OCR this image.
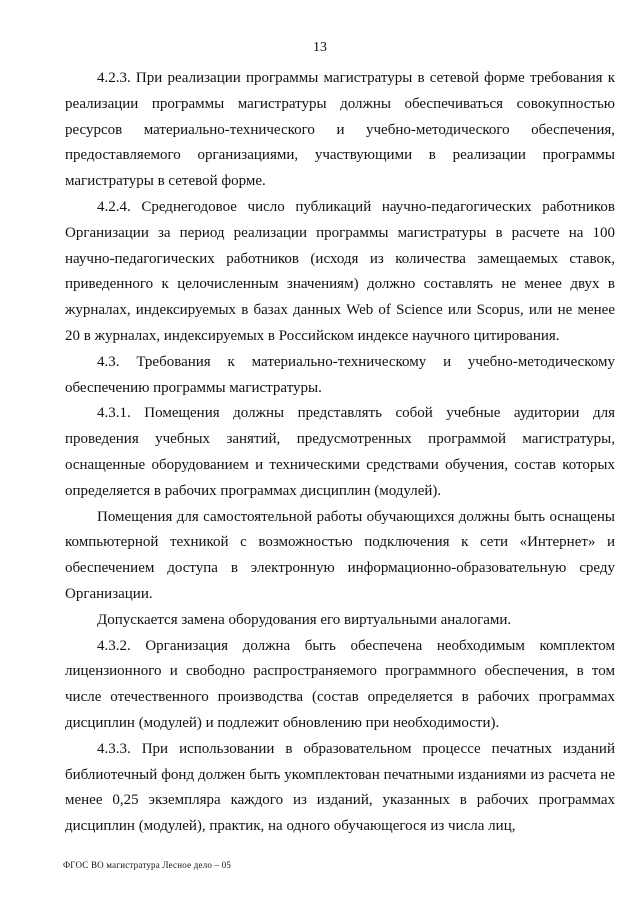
13

4.2.3. При реализации программы магистратуры в сетевой форме требования к реализации программы магистратуры должны обеспечиваться совокупностью ресурсов материально-технического и учебно-методического обеспечения, предоставляемого организациями, участвующими в реализации программы магистратуры в сетевой форме.

4.2.4. Среднегодовое число публикаций научно-педагогических работников Организации за период реализации программы магистратуры в расчете на 100 научно-педагогических работников (исходя из количества замещаемых ставок, приведенного к целочисленным значениям) должно составлять не менее двух в журналах, индексируемых в базах данных Web of Science или Scopus, или не менее 20 в журналах, индексируемых в Российском индексе научного цитирования.

4.3. Требования к материально-техническому и учебно-методическому обеспечению программы магистратуры.

4.3.1. Помещения должны представлять собой учебные аудитории для проведения учебных занятий, предусмотренных программой магистратуры, оснащенные оборудованием и техническими средствами обучения, состав которых определяется в рабочих программах дисциплин (модулей).

Помещения для самостоятельной работы обучающихся должны быть оснащены компьютерной техникой с возможностью подключения к сети «Интернет» и обеспечением доступа в электронную информационно-образовательную среду Организации.

Допускается замена оборудования его виртуальными аналогами.

4.3.2. Организация должна быть обеспечена необходимым комплектом лицензионного и свободно распространяемого программного обеспечения, в том числе отечественного производства (состав определяется в рабочих программах дисциплин (модулей) и подлежит обновлению при необходимости).

4.3.3. При использовании в образовательном процессе печатных изданий библиотечный фонд должен быть укомплектован печатными изданиями из расчета не менее 0,25 экземпляра каждого из изданий, указанных в рабочих программах дисциплин (модулей), практик, на одного обучающегося из числа лиц,

ФГОС ВО магистратура Лесное дело – 05
